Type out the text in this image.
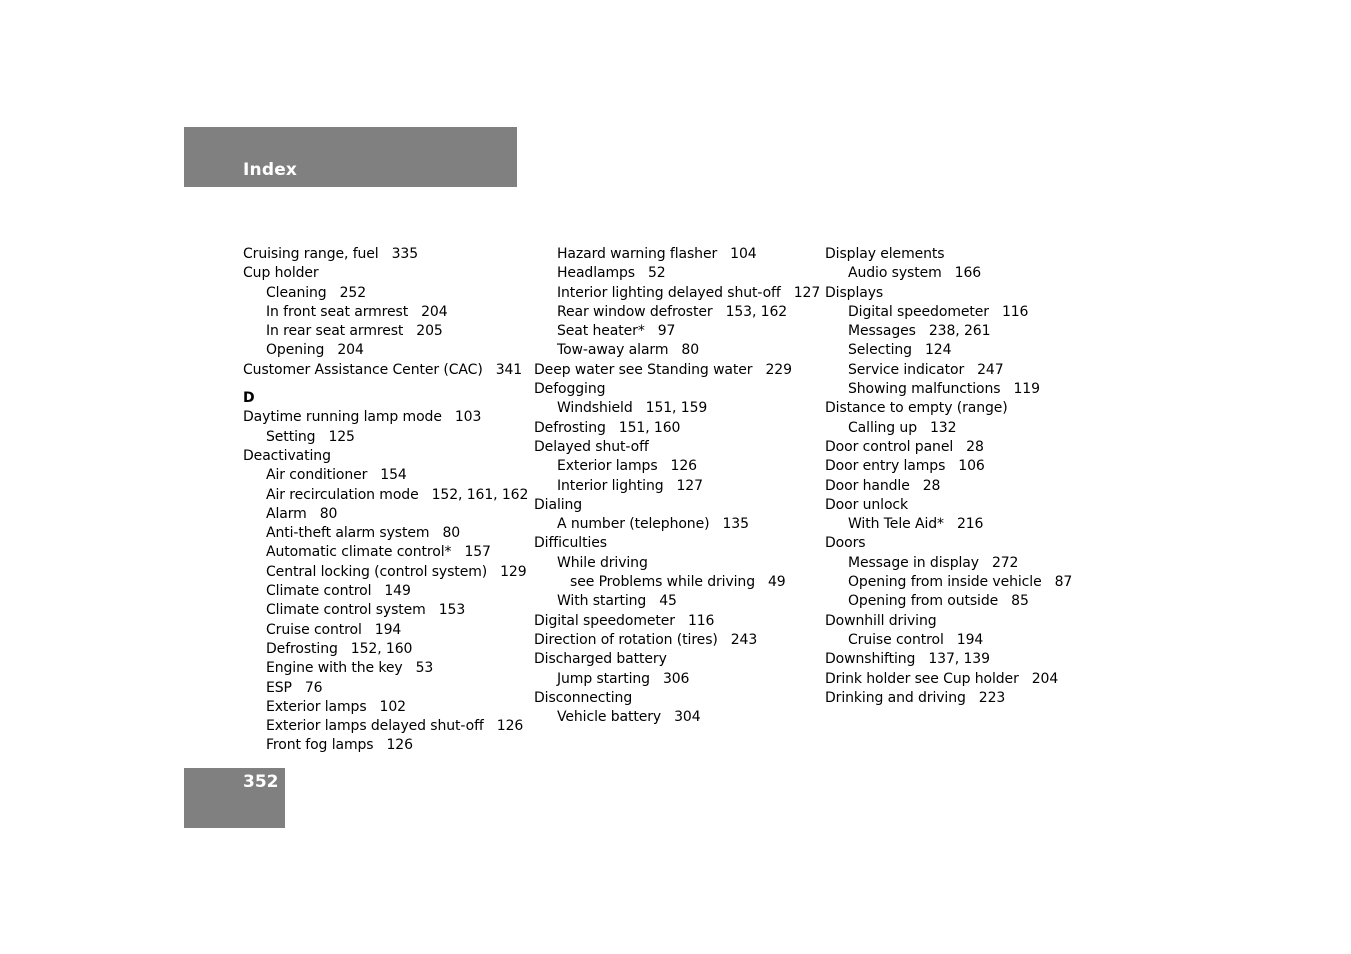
Index
Cruising range, fuel 335
Cup holder
Cleaning 252
In front seat armrest 204
In rear seat armrest 205
Opening 204
Customer Assistance Center (CAC) 341
D
Daytime running lamp mode 103
Setting 125
Deactivating
Air conditioner 154
Air recirculation mode 152, 161, 162
Alarm 80
Anti-theft alarm system 80
Automatic climate control* 157
Central locking (control system) 129
Climate control 149
Climate control system 153
Cruise control 194
Defrosting 152, 160
Engine with the key 53
ESP 76
Exterior lamps 102
Exterior lamps delayed shut-off 126
Front fog lamps 126
Hazard warning flasher 104
Headlamps 52
Interior lighting delayed shut-off 127
Rear window defroster 153, 162
Seat heater* 97
Tow-away alarm 80
Deep water see Standing water 229
Defogging
Windshield 151, 159
Defrosting 151, 160
Delayed shut-off
Exterior lamps 126
Interior lighting 127
Dialing
A number (telephone) 135
Difficulties
While driving
see Problems while driving 49
With starting 45
Digital speedometer 116
Direction of rotation (tires) 243
Discharged battery
Jump starting 306
Disconnecting
Vehicle battery 304
Display elements
Audio system 166
Displays
Digital speedometer 116
Messages 238, 261
Selecting 124
Service indicator 247
Showing malfunctions 119
Distance to empty (range)
Calling up 132
Door control panel 28
Door entry lamps 106
Door handle 28
Door unlock
With Tele Aid* 216
Doors
Message in display 272
Opening from inside vehicle 87
Opening from outside 85
Downhill driving
Cruise control 194
Downshifting 137, 139
Drink holder see Cup holder 204
Drinking and driving 223
352
